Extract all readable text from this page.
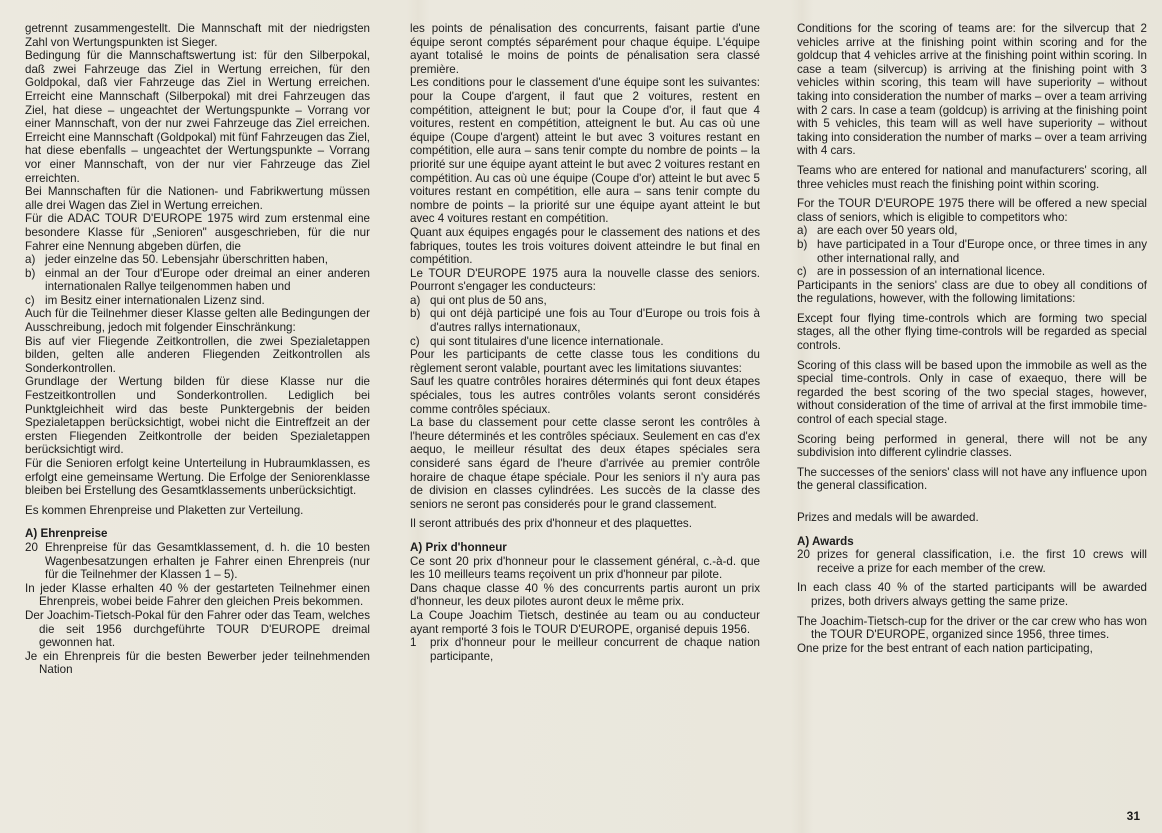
getrennt zusammengestellt. Die Mannschaft mit der niedrigsten Zahl von Wertungspunkten ist Sieger.

Bedingung für die Mannschaftswertung ist: für den Silberpokal, daß zwei Fahrzeuge das Ziel in Wertung erreichen, für den Goldpokal, daß vier Fahrzeuge das Ziel in Wertung erreichen. Erreicht eine Mannschaft (Silberpokal) mit drei Fahrzeugen das Ziel, hat diese – ungeachtet der Wertungspunkte – Vorrang vor einer Mannschaft, von der nur zwei Fahrzeuge das Ziel erreichen. Erreicht eine Mannschaft (Goldpokal) mit fünf Fahrzeugen das Ziel, hat diese ebenfalls – ungeachtet der Wertungspunkte – Vorrang vor einer Mannschaft, von der nur vier Fahrzeuge das Ziel erreichten.

Bei Mannschaften für die Nationen- und Fabrikwertung müssen alle drei Wagen das Ziel in Wertung erreichen.

Für die ADAC TOUR D'EUROPE 1975 wird zum erstenmal eine besondere Klasse für „Senioren" ausgeschrieben, für die nur Fahrer eine Nennung abgeben dürfen, die

a) jeder einzelne das 50. Lebensjahr überschritten haben,
b) einmal an der Tour d'Europe oder dreimal an einer anderen internationalen Rallye teilgenommen haben und
c) im Besitz einer internationalen Lizenz sind.

Auch für die Teilnehmer dieser Klasse gelten alle Bedingungen der Ausschreibung, jedoch mit folgender Einschränkung:

Bis auf vier Fliegende Zeitkontrollen, die zwei Spezialetappen bilden, gelten alle anderen Fliegenden Zeitkontrollen als Sonderkontrollen.

Grundlage der Wertung bilden für diese Klasse nur die Festzeitkontrollen und Sonderkontrollen. Lediglich bei Punktgleichheit wird das beste Punktergebnis der beiden Spezialetappen berücksichtigt, wobei nicht die Eintreffzeit an der ersten Fliegenden Zeitkontrolle der beiden Spezialetappen berücksichtigt wird.

Für die Senioren erfolgt keine Unterteilung in Hubraumklassen, es erfolgt eine gemeinsame Wertung. Die Erfolge der Seniorenklasse bleiben bei Erstellung des Gesamtklassements unberücksichtigt.

Es kommen Ehrenpreise und Plaketten zur Verteilung.

A) Ehrenpreise

20 Ehrenpreise für das Gesamtklassement, d. h. die 10 besten Wagenbesatzungen erhalten je Fahrer einen Ehrenpreis (nur für die Teilnehmer der Klassen 1 – 5).

In jeder Klasse erhalten 40 % der gestarteten Teilnehmer einen Ehrenpreis, wobei beide Fahrer den gleichen Preis bekommen.

Der Joachim-Tietsch-Pokal für den Fahrer oder das Team, welches die seit 1956 durchgeführte TOUR D'EUROPE dreimal gewonnen hat.

Je ein Ehrenpreis für die besten Bewerber jeder teilnehmenden Nation

les points de pénalisation des concurrents, faisant partie d'une équipe seront comptés séparément pour chaque équipe. L'équipe ayant totalisé le moins de points de pénalisation sera classé première.

Les conditions pour le classement d'une équipe sont les suivantes: pour la Coupe d'argent, il faut que 2 voitures, restent en compétition, atteignent le but; pour la Coupe d'or, il faut que 4 voitures, restent en compétition, atteignent le but. Au cas où une équipe (Coupe d'argent) atteint le but avec 3 voitures restant en compétition, elle aura – sans tenir compte du nombre de points – la priorité sur une équipe ayant atteint le but avec 2 voitures restant en compétition. Au cas où une équipe (Coupe d'or) atteint le but avec 5 voitures restant en compétition, elle aura – sans tenir compte du nombre de points – la priorité sur une équipe ayant atteint le but avec 4 voitures restant en compétition.

Quant aux équipes engagés pour le classement des nations et des fabriques, toutes les trois voitures doivent atteindre le but final en compétition.

Le TOUR D'EUROPE 1975 aura la nouvelle classe des seniors. Pourront s'engager les conducteurs:

a) qui ont plus de 50 ans,
b) qui ont déjà participé une fois au Tour d'Europe ou trois fois à d'autres rallys internationaux,
c) qui sont titulaires d'une licence internationale.

Pour les participants de cette classe tous les conditions du règlement seront valable, pourtant avec les limitations siuvantes:

Sauf les quatre contrôles horaires déterminés qui font deux étapes spéciales, tous les autres contrôles volants seront considérés comme contrôles spéciaux.

La base du classement pour cette classe seront les contrôles à l'heure déterminés et les contrôles spéciaux. Seulement en cas d'ex aequo, le meilleur résultat des deux étapes spéciales sera consideré sans égard de l'heure d'arrivée au premier contrôle horaire de chaque étape spéciale. Pour les seniors il n'y aura pas de division en classes cylindrées. Les succès de la classe des seniors ne seront pas considerés pour le grand classement.

Il seront attribués des prix d'honneur et des plaquettes.

A) Prix d'honneur

Ce sont 20 prix d'honneur pour le classement général, c.-à-d. que les 10 meilleurs teams reçoivent un prix d'honneur par pilote.

Dans chaque classe 40 % des concurrents partis auront un prix d'honneur, les deux pilotes auront deux le même prix.

La Coupe Joachim Tietsch, destinée au team ou au conducteur ayant remporté 3 fois le TOUR D'EUROPE, organisé depuis 1956.

1	prix d'honneur pour le meilleur concurrent de chaque nation participante,

Conditions for the scoring of teams are: for the silvercup that 2 vehicles arrive at the finishing point within scoring and for the goldcup that 4 vehicles arrive at the finishing point within scoring. In case a team (silvercup) is arriving at the finishing point with 3 vehicles within scoring, this team will have superiority – without taking into consideration the number of marks – over a team arriving with 2 cars. In case a team (goldcup) is arriving at the finishing point with 5 vehicles, this team will as well have superiority – without taking into consideration the number of marks – over a team arriving with 4 cars.

Teams who are entered for national and manufacturers' scoring, all three vehicles must reach the finishing point within scoring.

For the TOUR D'EUROPE 1975 there will be offered a new special class of seniors, which is eligible to competitors who:

a) are each over 50 years old,
b) have participated in a Tour d'Europe once, or three times in any other international rally, and
c) are in possession of an international licence.

Participants in the seniors' class are due to obey all conditions of the regulations, however, with the following limitations:

Except four flying time-controls which are forming two special stages, all the other flying time-controls will be regarded as special controls.

Scoring of this class will be based upon the immobile as well as the special time-controls. Only in case of exaequo, there will be regarded the best scoring of the two special stages, however, without consideration of the time of arrival at the first immobile time-control of each special stage.

Scoring being performed in general, there will not be any subdivision into different cylindrie classes.

The successes of the seniors' class will not have any influence upon the general classification.

Prizes and medals will be awarded.

A) Awards

20 prizes for general classification, i.e. the first 10 crews will receive a prize for each member of the crew.

In each class 40 % of the started participants will be awarded prizes, both drivers always getting the same prize.

The Joachim-Tietsch-cup for the driver or the car crew who has won the TOUR D'EUROPE, organized since 1956, three times.

One prize for the best entrant of each nation participating,

31
